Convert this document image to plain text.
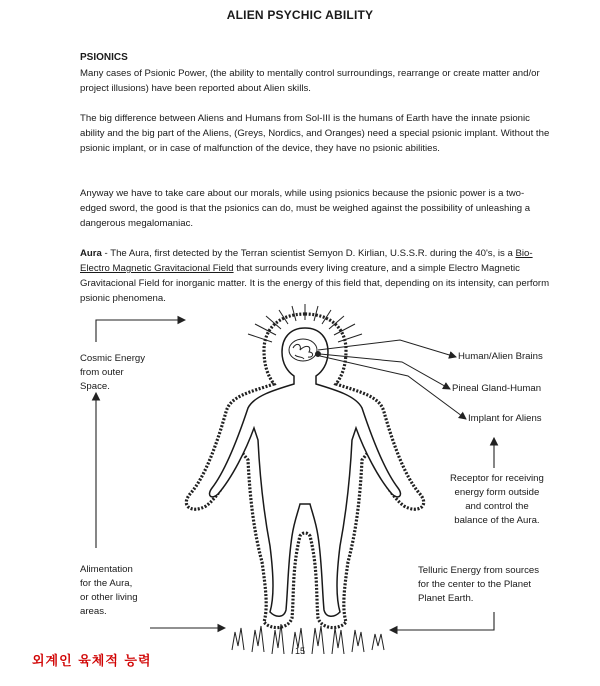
ALIEN PSYCHIC ABILITY
PSIONICS

Many cases of Psionic Power, (the ability to mentally control surroundings, rearrange or create matter and/or project illusions) have been reported about Alien skills.

The big difference between Aliens and Humans from Sol-III is the humans of Earth have the innate psionic ability and the big part of the Aliens, (Greys, Nordics, and Oranges) need a special psionic implant. Without the psionic implant, or in case of malfunction of the device, they have no psionic abilities.

Anyway we have to take care about our morals, while using psionics because the psionic power is a two-edged sword, the good is that the psionics can do, must be weighed against the possibility of unleashing a dangerous megalomaniac.

Aura - The Aura, first detected by the Terran scientist Semyon D. Kirlian, U.S.S.R. during the 40's, is a Bio-Electro Magnetic Gravitacional Field that surrounds every living creature, and a simple Electro Magnetic Gravitacional Field for inorganic matter. It is the energy of this field that, depending on its intensity, can perform psionic phenomena.

Cosmic Energy
from outer
Space.
Human/Alien Brains
Pineal Gland-Human
Implant for Aliens
Receptor for receiving
energy form outside
and control the
balance of the Aura.
Alimentation
for the Aura,
or other living
areas.
Telluric Energy from sources
for the center to the Planet
Planet Earth.
15
외계인 육체적 능력
